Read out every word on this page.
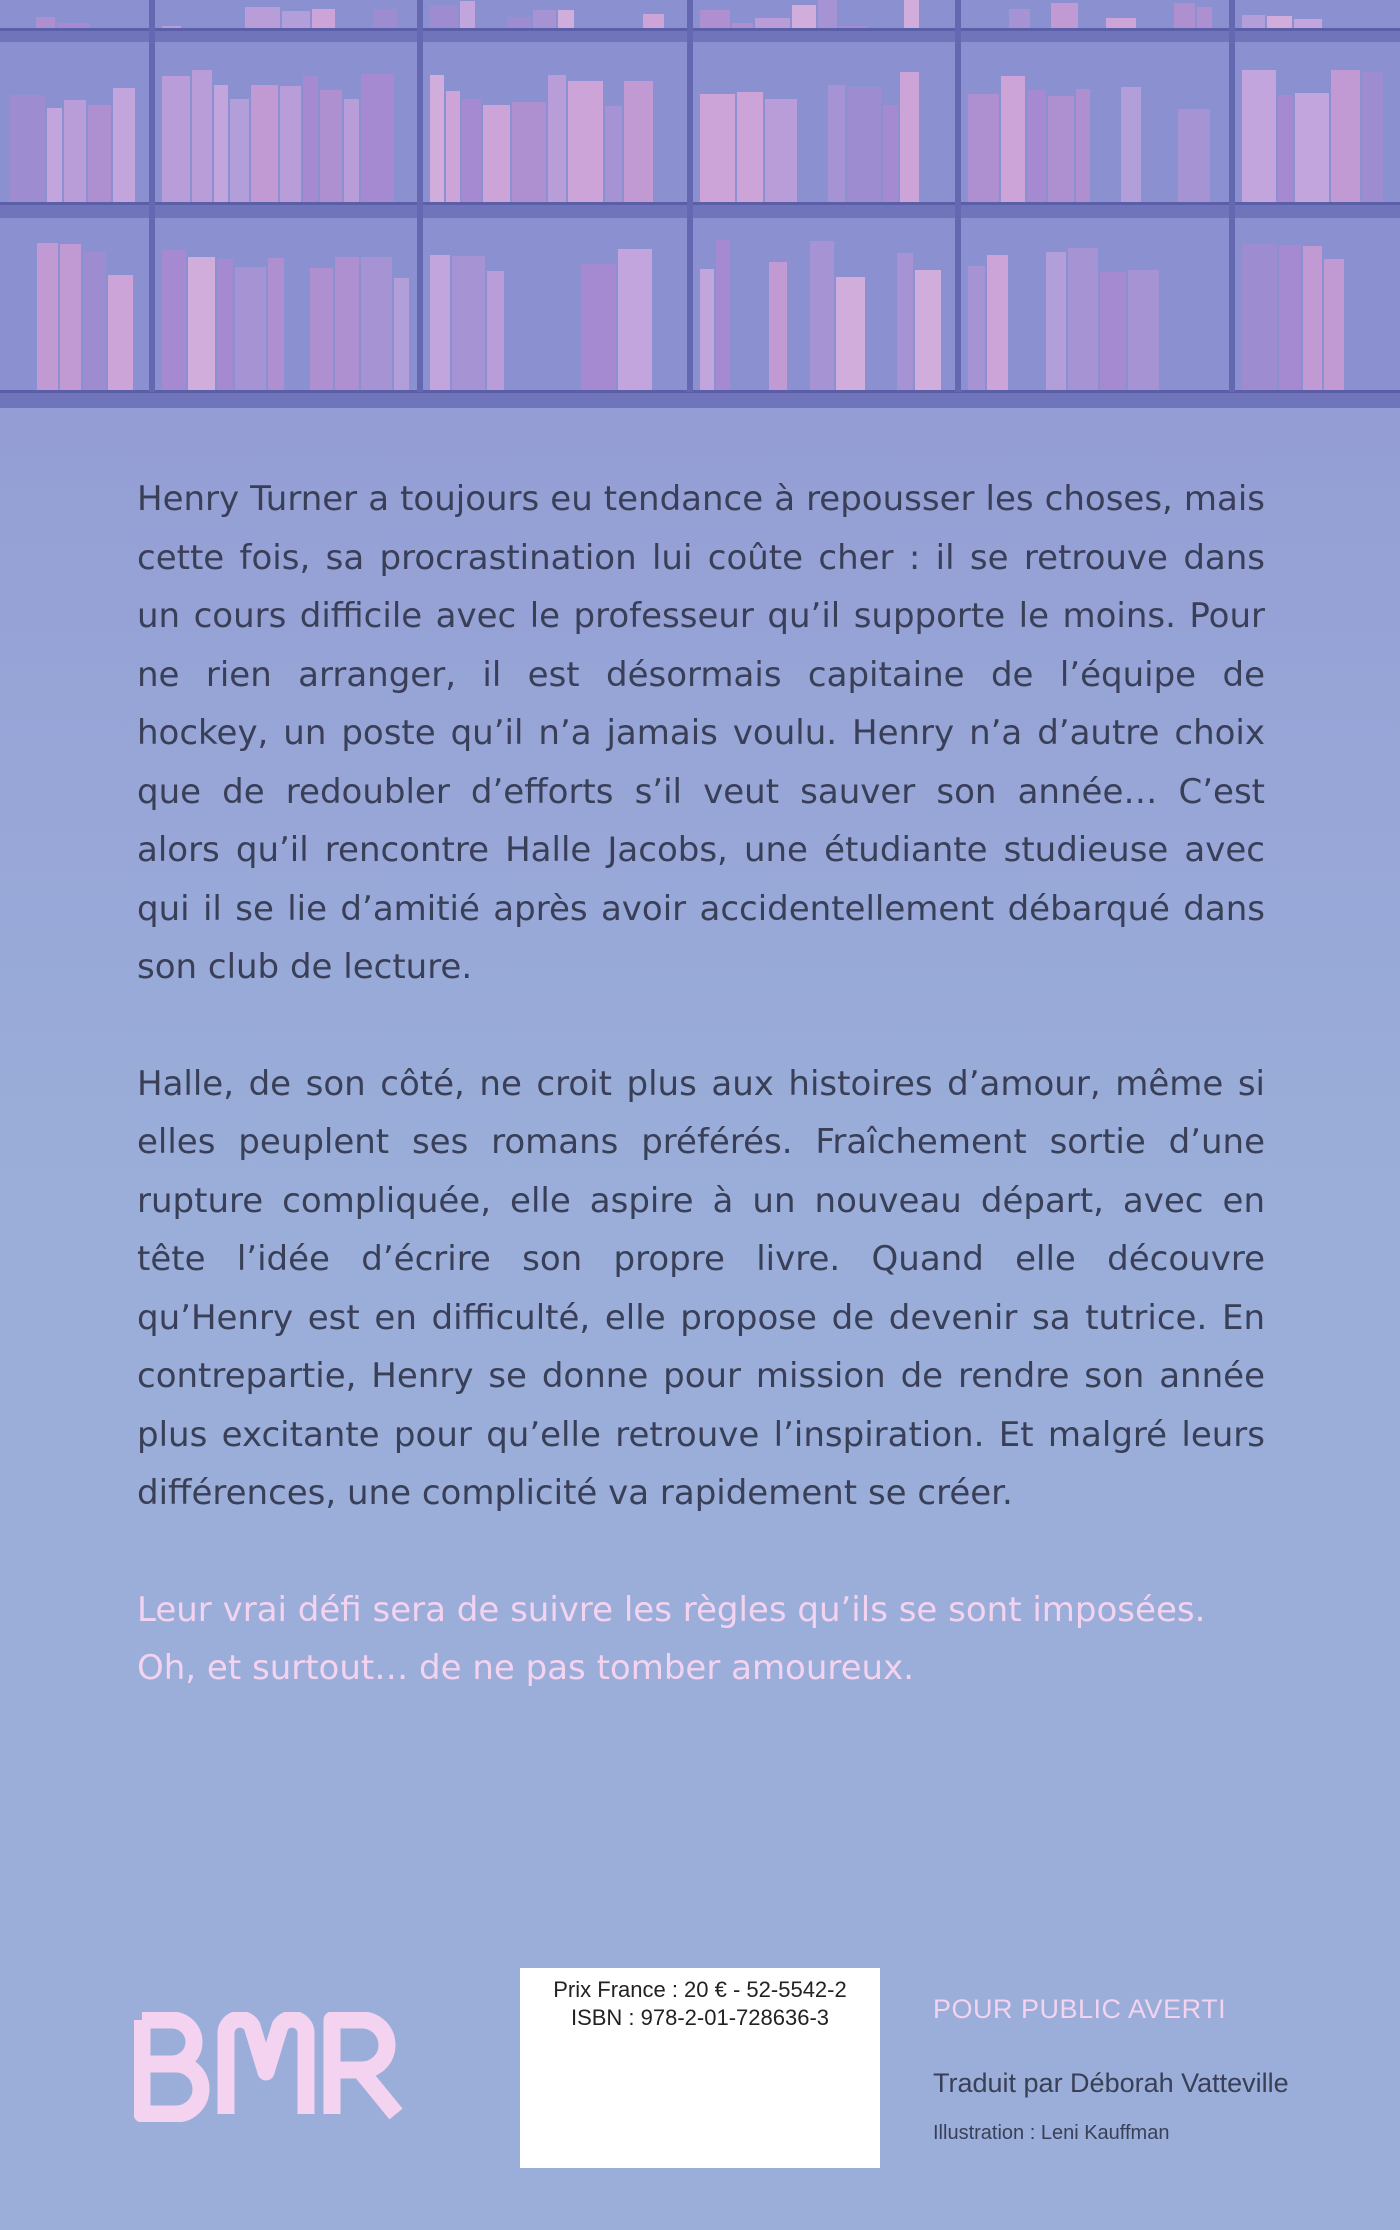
Henry Turner a toujours eu tendance à repousser les choses, mais cette fois, sa procrastination lui coûte cher : il se retrouve dans un cours difficile avec le professeur qu’il supporte le moins. Pour ne rien arranger, il est désormais capitaine de l’équipe de hockey, un poste qu’il n’a jamais voulu. Henry n’a d’autre choix que de redoubler d’efforts s’il veut sauver son année… C’est alors qu’il rencontre Halle Jacobs, une étudiante studieuse avec qui il se lie d’amitié après avoir accidentellement débarqué dans son club de lecture.

Halle, de son côté, ne croit plus aux histoires d’amour, même si elles peuplent ses romans préférés. Fraîchement sortie d’une rupture compliquée, elle aspire à un nouveau départ, avec en tête l’idée d’écrire son propre livre. Quand elle découvre qu’Henry est en difficulté, elle propose de devenir sa tutrice. En contrepartie, Henry se donne pour mission de rendre son année plus excitante pour qu’elle retrouve l’inspiration. Et malgré leurs différences, une complicité va rapidement se créer.

Leur vrai défi sera de suivre les règles qu’ils se sont imposées. Oh, et surtout… de ne pas tomber amoureux.

Prix France : 20 € - 52-5542-2
ISBN : 978-2-01-728636-3	POUR PUBLIC AVERTI
Traduit par Déborah Vatteville
Illustration : Leni Kauffman
